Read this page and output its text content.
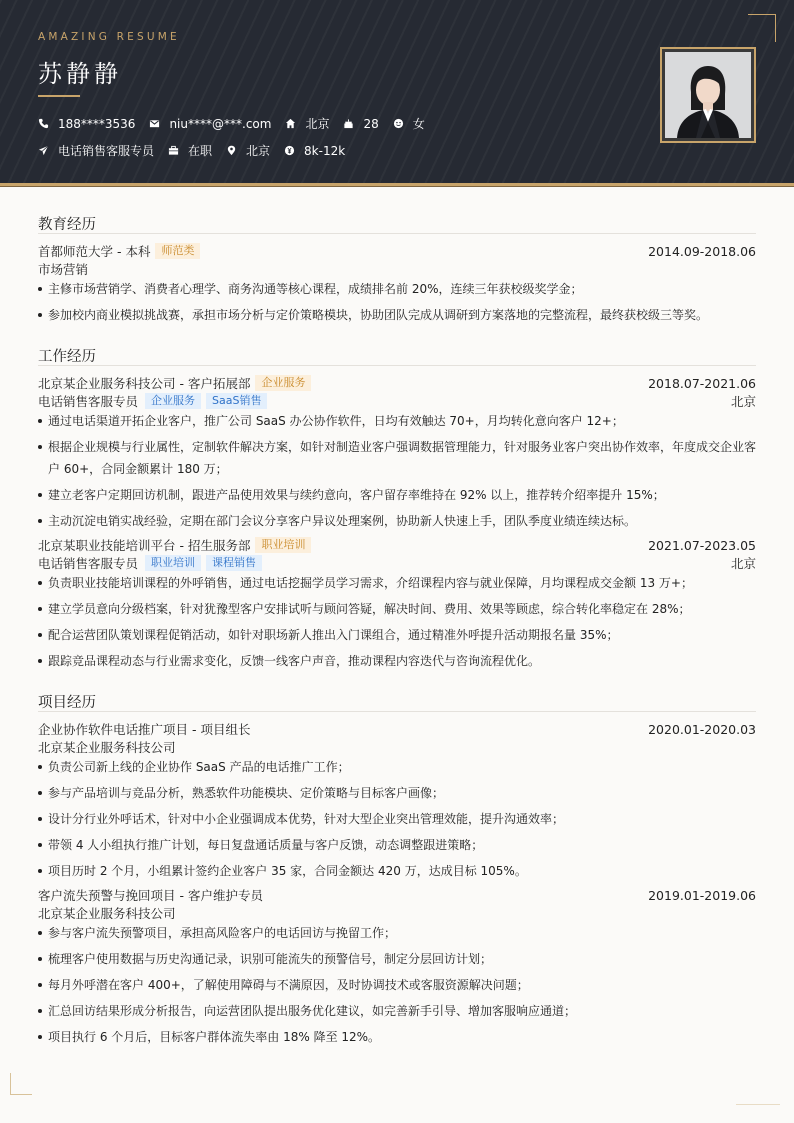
AMAZING RESUME
苏静静
188****3536	niu****@***.com	北京	28	女
电话销售客服专员	在职	北京	8k-12k
教育经历
首都师范大学 - 本科	师范类	2014.09-2018.06
市场营销
主修市场营销学、消费者心理学、商务沟通等核心课程，成绩排名前 20%，连续三年获校级奖学金；
参加校内商业模拟挑战赛，承担市场分析与定价策略模块，协助团队完成从调研到方案落地的完整流程，最终获校级三等奖。
工作经历
北京某企业服务科技公司 - 客户拓展部	企业服务	2018.07-2021.06
电话销售客服专员	企业服务	SaaS销售	北京
通过电话渠道开拓企业客户，推广公司 SaaS 办公协作软件，日均有效触达 70+，月均转化意向客户 12+；
根据企业规模与行业属性，定制软件解决方案，如针对制造业客户强调数据管理能力，针对服务业客户突出协作效率，年度成交企业客户 60+，合同金额累计 180 万；
建立老客户定期回访机制，跟进产品使用效果与续约意向，客户留存率维持在 92% 以上，推荐转介绍率提升 15%；
主动沉淀电销实战经验，定期在部门会议分享客户异议处理案例，协助新人快速上手，团队季度业绩连续达标。
北京某职业技能培训平台 - 招生服务部	职业培训	2021.07-2023.05
电话销售客服专员	职业培训	课程销售	北京
负责职业技能培训课程的外呼销售，通过电话挖掘学员学习需求，介绍课程内容与就业保障，月均课程成交金额 13 万+；
建立学员意向分级档案，针对犹豫型客户安排试听与顾问答疑，解决时间、费用、效果等顾虑，综合转化率稳定在 28%；
配合运营团队策划课程促销活动，如针对职场新人推出入门课组合，通过精准外呼提升活动期报名量 35%；
跟踪竞品课程动态与行业需求变化，反馈一线客户声音，推动课程内容迭代与咨询流程优化。
项目经历
企业协作软件电话推广项目 - 项目组长	2020.01-2020.03
北京某企业服务科技公司
负责公司新上线的企业协作 SaaS 产品的电话推广工作；
参与产品培训与竞品分析，熟悉软件功能模块、定价策略与目标客户画像；
设计分行业外呼话术，针对中小企业强调成本优势，针对大型企业突出管理效能，提升沟通效率；
带领 4 人小组执行推广计划，每日复盘通话质量与客户反馈，动态调整跟进策略；
项目历时 2 个月，小组累计签约企业客户 35 家，合同金额达 420 万，达成目标 105%。
客户流失预警与挽回项目 - 客户维护专员	2019.01-2019.06
北京某企业服务科技公司
参与客户流失预警项目，承担高风险客户的电话回访与挽留工作；
梳理客户使用数据与历史沟通记录，识别可能流失的预警信号，制定分层回访计划；
每月外呼潜在客户 400+，了解使用障碍与不满原因，及时协调技术或客服资源解决问题；
汇总回访结果形成分析报告，向运营团队提出服务优化建议，如完善新手引导、增加客服响应通道；
项目执行 6 个月后，目标客户群体流失率由 18% 降至 12%。
